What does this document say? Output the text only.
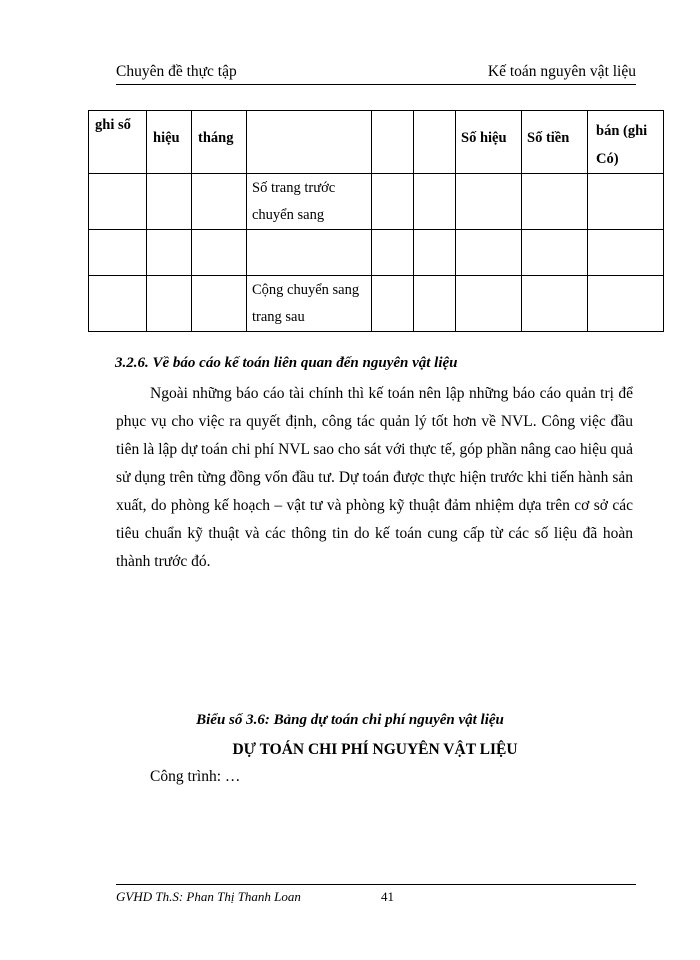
Chuyên đề thực tập	Kế toán nguyên vật liệu
ghi sổ	hiệu	tháng				Số hiệu	Số tiền	bán (ghi Có)

			Số trang trước chuyển sang					

			Cộng chuyển sang trang sau					

3.2.6. Về báo cáo kế toán liên quan đến nguyên vật liệu

Ngoài những báo cáo tài chính thì kế toán nên lập những báo cáo quản trị để phục vụ cho việc ra quyết định, công tác quản lý tốt hơn về NVL. Công việc đầu tiên là lập dự toán chi phí NVL sao cho sát với thực tế, góp phần nâng cao hiệu quả sử dụng trên từng đồng vốn đầu tư. Dự toán được thực hiện trước khi tiến hành sản xuất, do phòng kế hoạch – vật tư và phòng kỹ thuật đảm nhiệm dựa trên cơ sở các tiêu chuẩn kỹ thuật và các thông tin do kế toán cung cấp từ các số liệu đã hoàn thành trước đó.

Biểu số 3.6: Bảng dự toán chi phí nguyên vật liệu
DỰ TOÁN CHI PHÍ NGUYÊN VẬT LIỆU
Công trình: …
GVHD Th.S: Phan Thị Thanh Loan	41
